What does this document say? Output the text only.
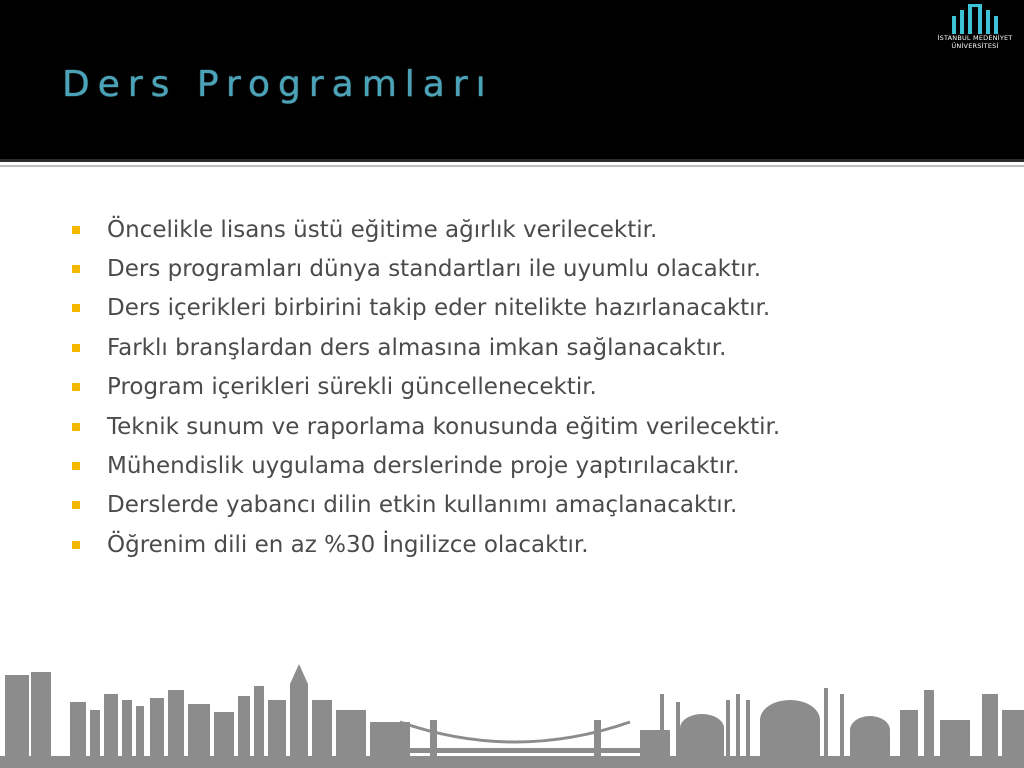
Ders Programları
İSTANBUL MEDENİYET
ÜNİVERSİTESİ
Öncelikle lisans üstü eğitime ağırlık verilecektir.
Ders programları dünya standartları ile uyumlu olacaktır.
Ders içerikleri birbirini takip eder nitelikte hazırlanacaktır.
Farklı branşlardan ders almasına imkan sağlanacaktır.
Program içerikleri sürekli güncellenecektir.
Teknik sunum ve raporlama konusunda eğitim verilecektir.
Mühendislik uygulama derslerinde proje yaptırılacaktır.
Derslerde yabancı dilin etkin kullanımı amaçlanacaktır.
Öğrenim dili en az %30 İngilizce olacaktır.
